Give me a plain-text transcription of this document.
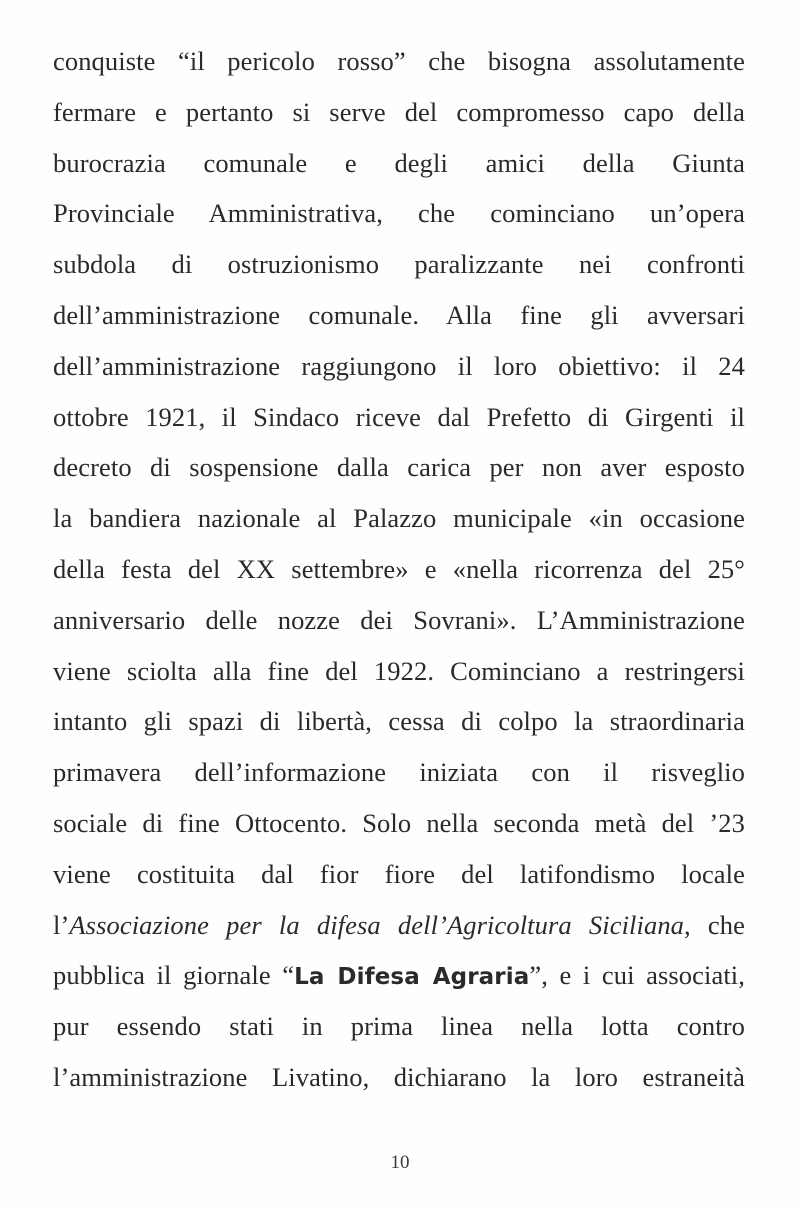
conquiste “il pericolo rosso” che bisogna assolutamente
fermare e pertanto si serve del compromesso capo della
burocrazia comunale e degli amici della Giunta
Provinciale Amministrativa, che cominciano un’opera
subdola di ostruzionismo paralizzante nei confronti
dell’amministrazione comunale. Alla fine gli avversari
dell’amministrazione raggiungono il loro obiettivo: il 24
ottobre 1921, il Sindaco riceve dal Prefetto di Girgenti il
decreto di sospensione dalla carica per non aver esposto
la bandiera nazionale al Palazzo municipale «in occasione
della festa del XX settembre» e «nella ricorrenza del 25°
anniversario delle nozze dei Sovrani». L’Amministrazione
viene sciolta alla fine del 1922. Cominciano a restringersi
intanto gli spazi di libertà, cessa di colpo la straordinaria
primavera dell’informazione iniziata con il risveglio
sociale di fine Ottocento. Solo nella seconda metà del ’23
viene costituita dal fior fiore del latifondismo locale
l’Associazione per la difesa dell’Agricoltura Siciliana, che
pubblica il giornale “La Difesa Agraria”, e i cui associati,
pur essendo stati in prima linea nella lotta contro
l’amministrazione Livatino, dichiarano la loro estraneità
10
